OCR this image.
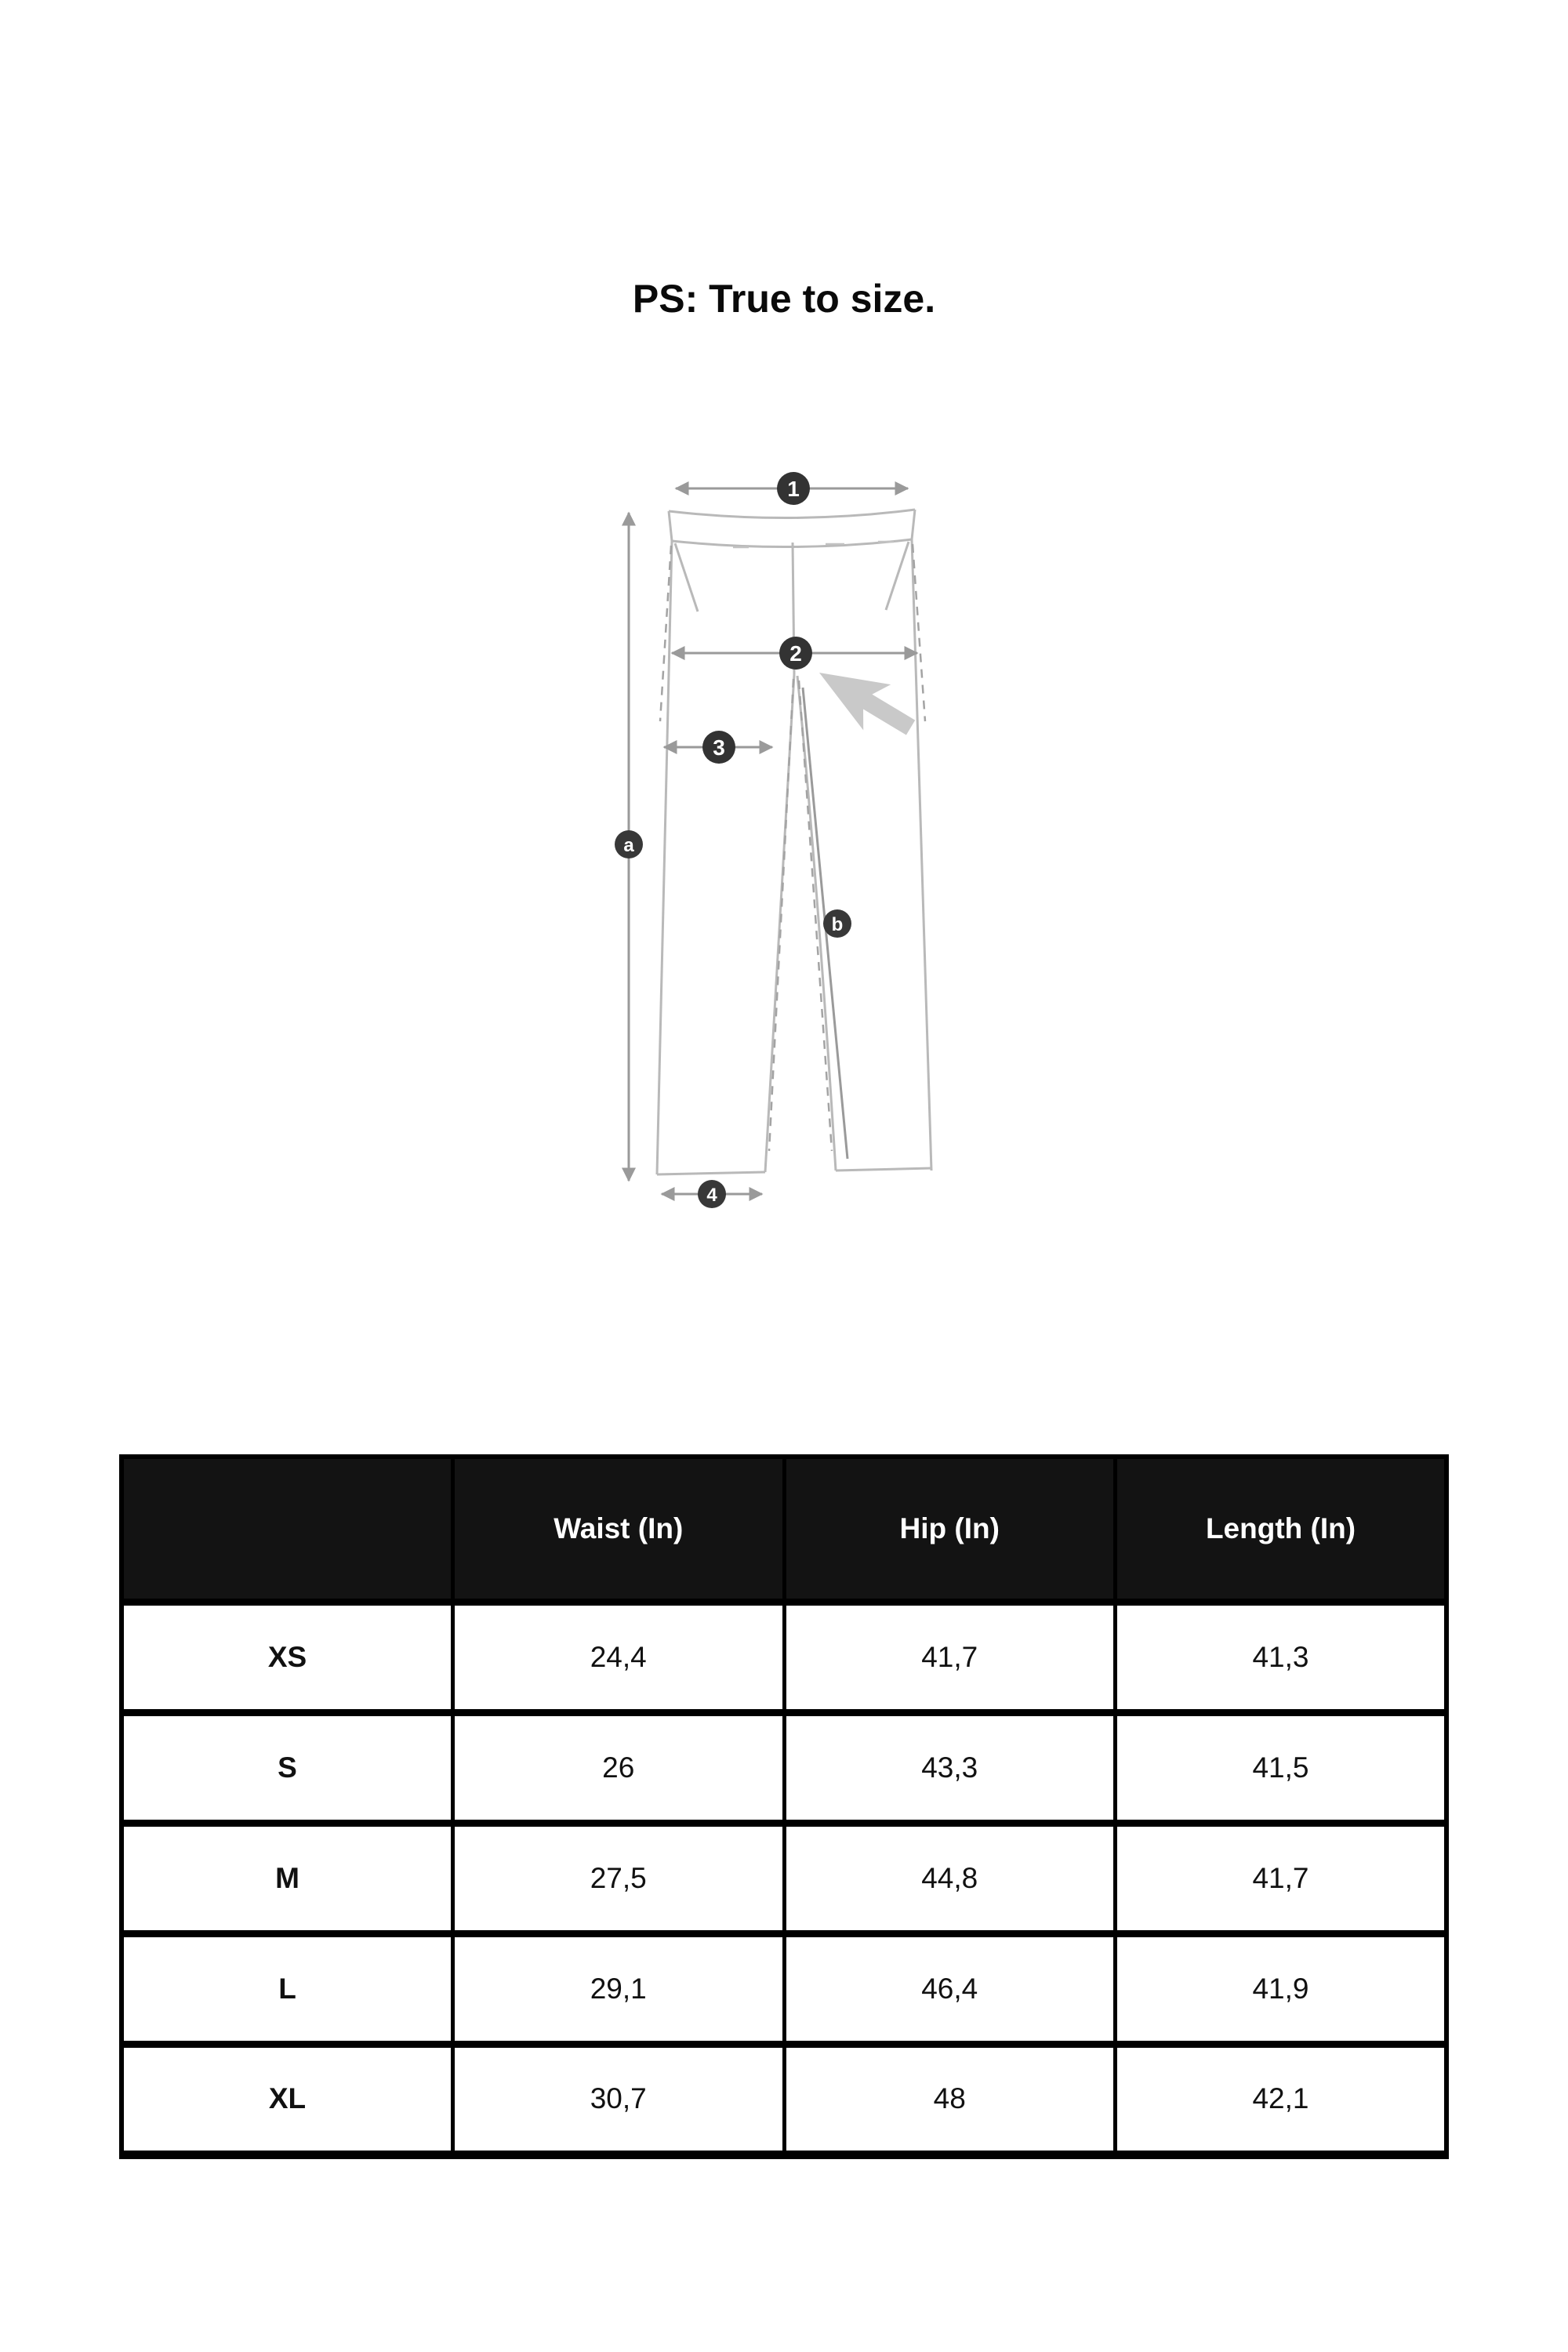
PS: True to size.
1
2
3
4
a
b
	Waist (In)	Hip (In)	Length (In)
XS	24,4	41,7	41,3
S	26	43,3	41,5
M	27,5	44,8	41,7
L	29,1	46,4	41,9
XL	30,7	48	42,1
